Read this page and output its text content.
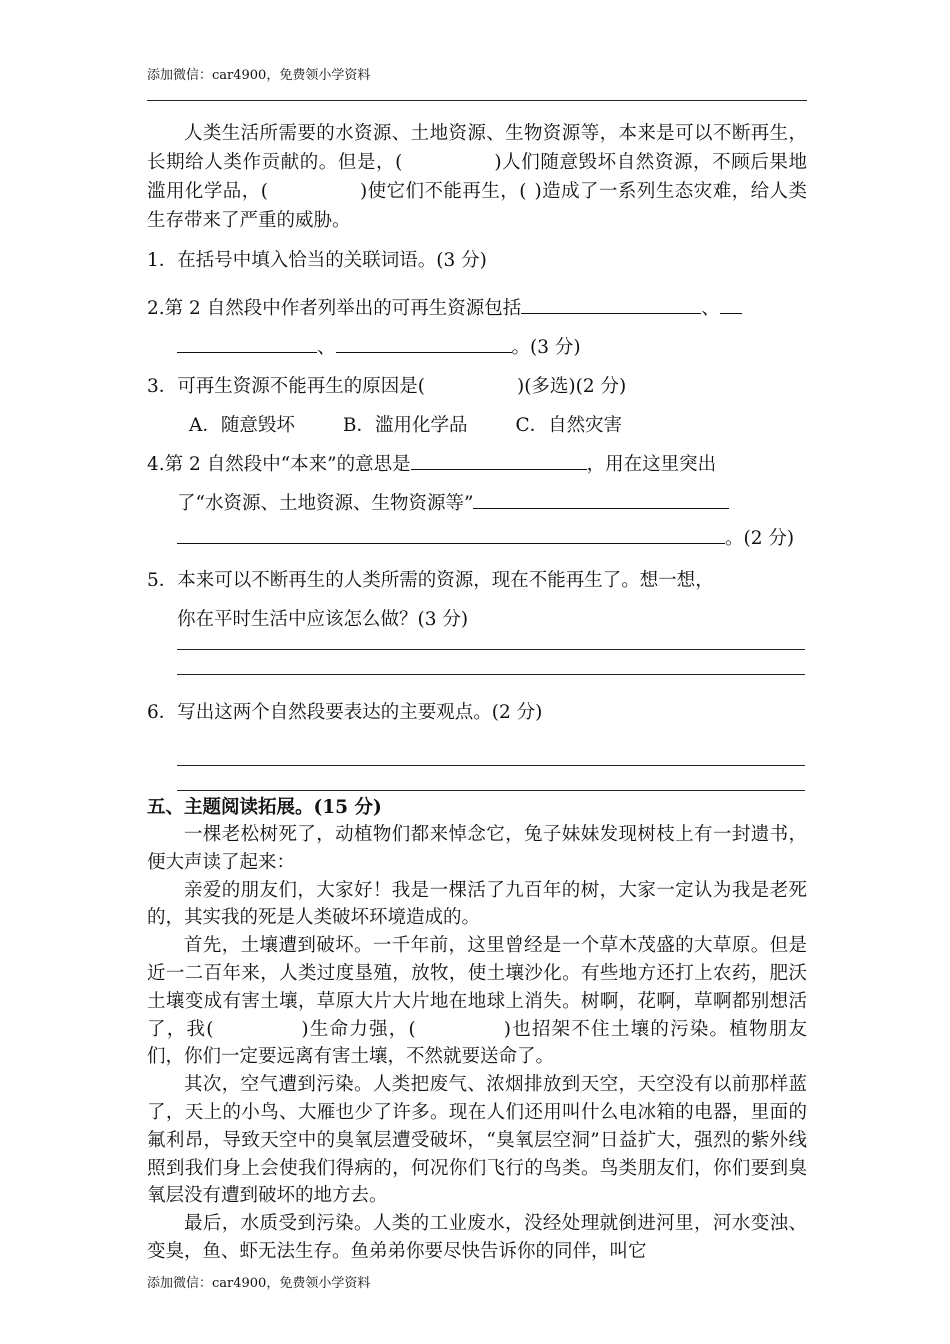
添加微信：car4900，免费领小学资料

人类生活所需要的水资源、土地资源、生物资源等，本来是可以不断再生，长期给人类作贡献的。但是，(	)人们随意毁坏自然资源，不顾后果地滥用化学品，(	)使它们不能再生，( )造成了一系列生态灾难，给人类生存带来了严重的威胁。

1．在括号中填入恰当的关联词语。(3 分)

2.第 2 自然段中作者列举出的可再生资源包括	、

、	。(3 分)

3．可再生资源不能再生的原因是(	)(多选)(2 分)

A．随意毁坏	B．滥用化学品	C．自然灾害

4.第 2 自然段中“本来”的意思是	，用在这里突出

了“水资源、土地资源、生物资源等”

。(2 分)

5．本来可以不断再生的人类所需的资源，现在不能再生了。想一想，

你在平时生活中应该怎么做？(3 分)

6．写出这两个自然段要表达的主要观点。(2 分)

五、主题阅读拓展。(15 分)

一棵老松树死了，动植物们都来悼念它，兔子妹妹发现树枝上有一封遗书，便大声读了起来：

亲爱的朋友们，大家好！我是一棵活了九百年的树，大家一定认为我是老死的，其实我的死是人类破坏环境造成的。

首先，土壤遭到破坏。一千年前，这里曾经是一个草木茂盛的大草原。但是近一二百年来，人类过度垦殖，放牧，使土壤沙化。有些地方还打上农药，肥沃土壤变成有害土壤，草原大片大片地在地球上消失。树啊，花啊，草啊都别想活了，我(	)生命力强，(	)也招架不住土壤的污染。植物朋友们，你们一定要远离有害土壤，不然就要送命了。

其次，空气遭到污染。人类把废气、浓烟排放到天空，天空没有以前那样蓝了，天上的小鸟、大雁也少了许多。现在人们还用叫什么电冰箱的电器，里面的氟利昂，导致天空中的臭氧层遭受破坏，“臭氧层空洞”日益扩大，强烈的紫外线照到我们身上会使我们得病的，何况你们飞行的鸟类。鸟类朋友们，你们要到臭氧层没有遭到破坏的地方去。

最后，水质受到污染。人类的工业废水，没经处理就倒进河里，河水变浊、变臭，鱼、虾无法生存。鱼弟弟你要尽快告诉你的同伴，叫它

添加微信：car4900，免费领小学资料
